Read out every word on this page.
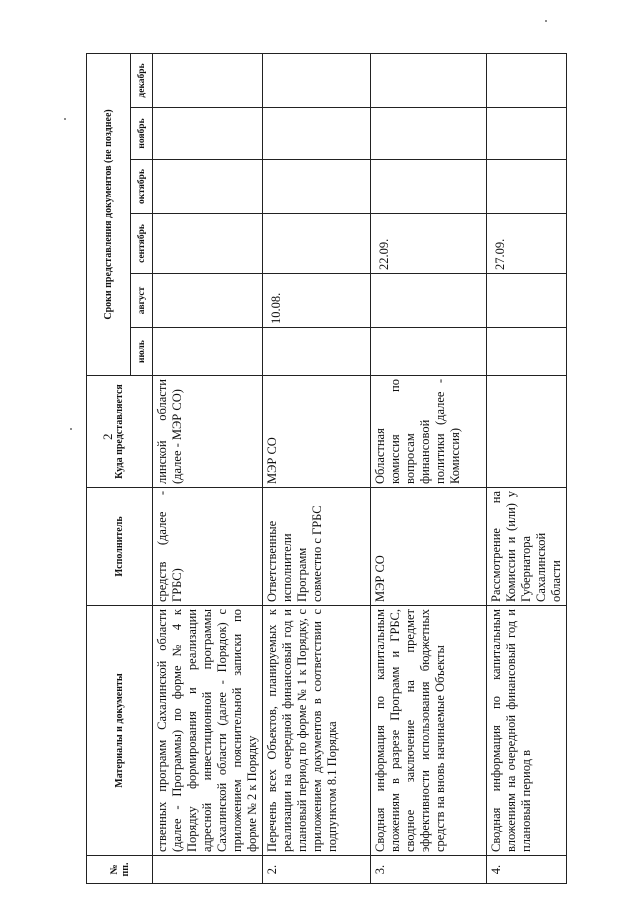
2
№ пп.	Материалы и документы	Исполнитель	Куда представляется	Сроки представления документов (не позднее)					
				июль	август	сентябрь	октябрь	ноябрь	декабрь
	ственных программ Сахалинской области (далее - Программы) по форме № 4 к Порядку формирования и реализации адресной инвестиционной программы Сахалинской области (далее - Порядок) с приложением пояснительной записки по форме № 2 к Порядку	средств (далее - ГРБС)	линской области (далее - МЭР СО)						
2.	Перечень всех Объектов, планируемых к реализации на очередной финансовый год и плановый период по форме № 1 к Порядку, с приложением документов в соответствии с подпунктом 8.1 Порядка	Ответственные исполнители Программ совместно с ГРБС	МЭР СО		10.08.				
3.	Сводная информация по капитальным вложениям в разрезе Программ и ГРБС, сводное заключение на предмет эффективности использования бюджетных средств на вновь начинаемые Объекты	МЭР СО	Областная комиссия по вопросам финансовой политики (далее - Комиссия)			22.09.			
4.	Сводная информация по капитальным вложениям на очередной финансовый год и плановый период в	Рассмотрение на Комиссии и (или) у Губернатора Сахалинской области				27.09.			
